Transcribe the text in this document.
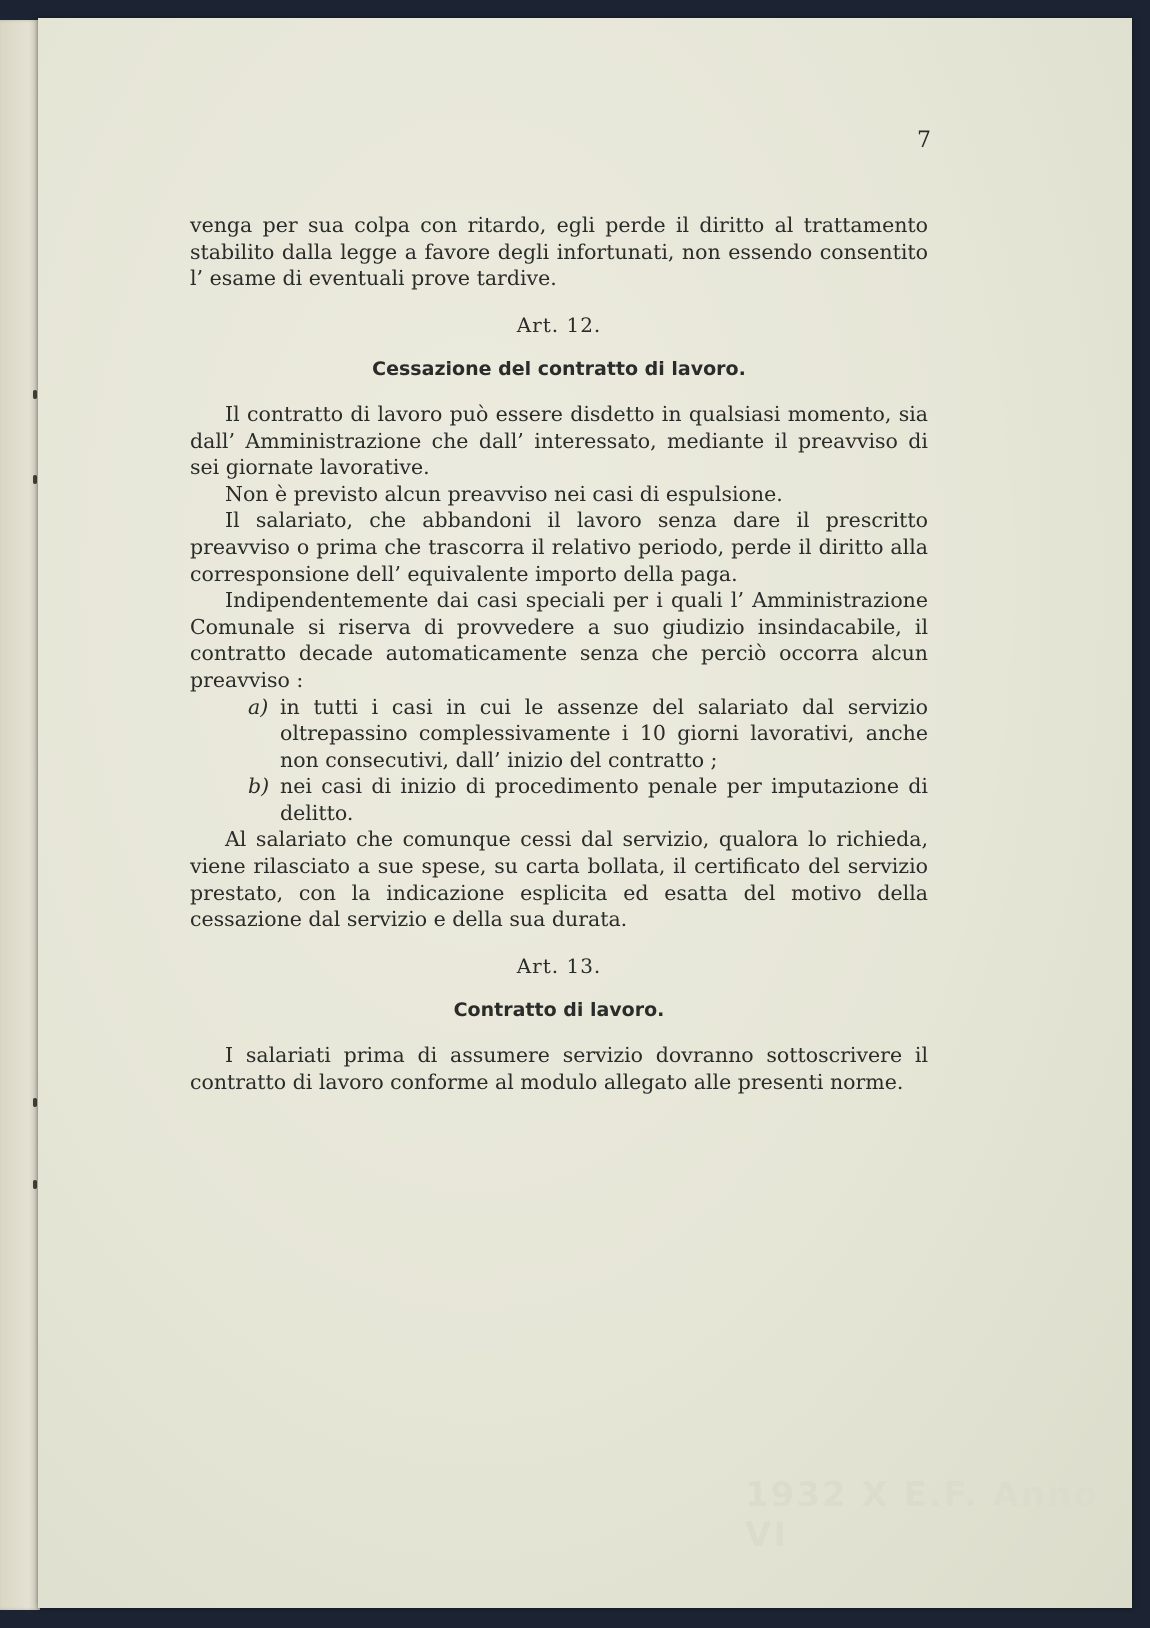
1932 X E.F. Anno VI
7

venga per sua colpa con ritardo, egli perde il diritto al trattamento stabilito dalla legge a favore degli infortunati, non essendo consentito l’ esame di eventuali prove tardive.

Art. 12.
Cessazione del contratto di lavoro.

Il contratto di lavoro può essere disdetto in qualsiasi momento, sia dall’ Amministrazione che dall’ interessato, mediante il preavviso di sei giornate lavorative.

Non è previsto alcun preavviso nei casi di espulsione.

Il salariato, che abbandoni il lavoro senza dare il prescritto preavviso o prima che trascorra il relativo periodo, perde il diritto alla corresponsione dell’ equivalente importo della paga.

Indipendentemente dai casi speciali per i quali l’ Amministrazione Comunale si riserva di provvedere a suo giudizio insindacabile, il contratto decade automaticamente senza che perciò occorra alcun preavviso :

a) in tutti i casi in cui le assenze del salariato dal servizio oltrepassino complessivamente i 10 giorni lavorativi, anche non consecutivi, dall’ inizio del contratto ;
b) nei casi di inizio di procedimento penale per imputazione di delitto.

Al salariato che comunque cessi dal servizio, qualora lo richieda, viene rilasciato a sue spese, su carta bollata, il certificato del servizio prestato, con la indicazione esplicita ed esatta del motivo della cessazione dal servizio e della sua durata.

Art. 13.
Contratto di lavoro.

I salariati prima di assumere servizio dovranno sottoscrivere il contratto di lavoro conforme al modulo allegato alle presenti norme.
